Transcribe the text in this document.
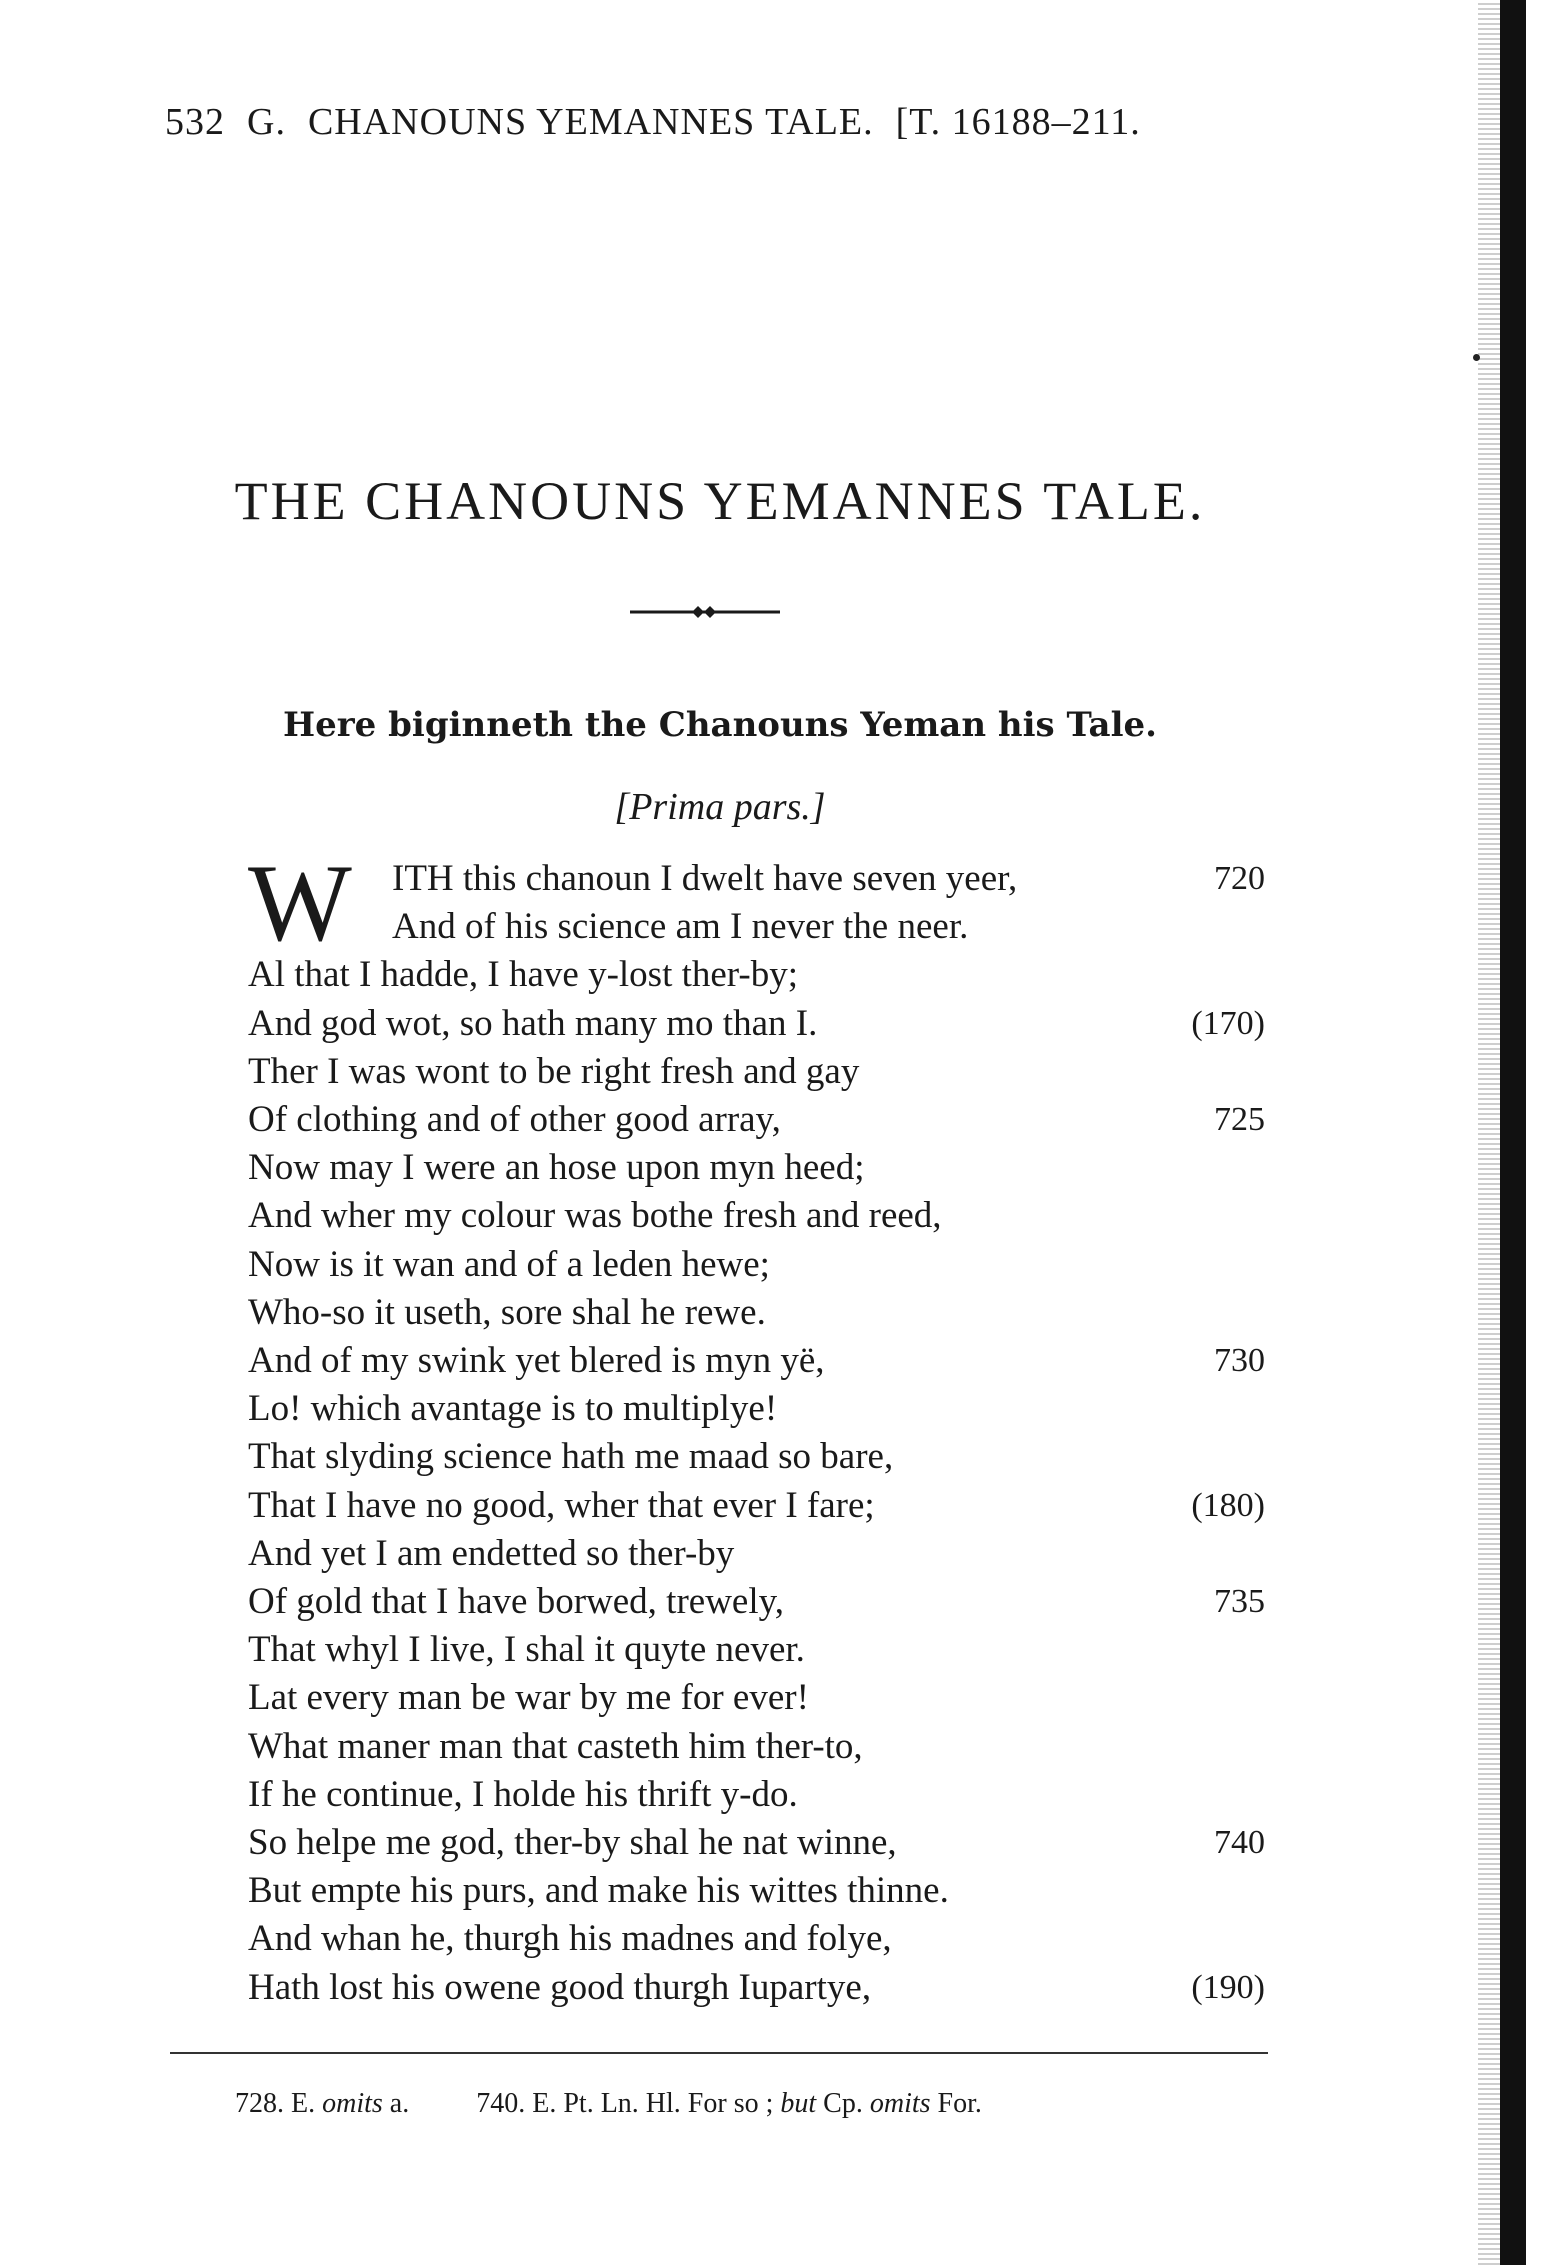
532 G. CHANOUNS YEMANNES TALE. [T. 16188–211.
THE CHANOUNS YEMANNES TALE.
Here biginneth the Chanouns Yeman his Tale.
[Prima pars.]
W ITH this chanoun I dwelt have seven yeer,	720
And of his science am I never the neer.
Al that I hadde, I have y-lost ther-by;
And god wot, so hath many mo than I.	(170)
Ther I was wont to be right fresh and gay
Of clothing and of other good array,	725
Now may I were an hose upon myn heed;
And wher my colour was bothe fresh and reed,
Now is it wan and of a leden hewe;
Who-so it useth, sore shal he rewe.
And of my swink yet blered is myn yë,	730
Lo! which avantage is to multiplye!
That slyding science hath me maad so bare,
That I have no good, wher that ever I fare;	(180)
And yet I am endetted so ther-by
Of gold that I have borwed, trewely,	735
That whyl I live, I shal it quyte never.
Lat every man be war by me for ever!
What maner man that casteth him ther-to,
If he continue, I holde his thrift y-do.
So helpe me god, ther-by shal he nat winne,	740
But empte his purs, and make his wittes thinne.
And whan he, thurgh his madnes and folye,
Hath lost his owene good thurgh Iupartye,	(190)
728. E. omits a. 740. E. Pt. Ln. Hl. For so ; but Cp. omits For.
